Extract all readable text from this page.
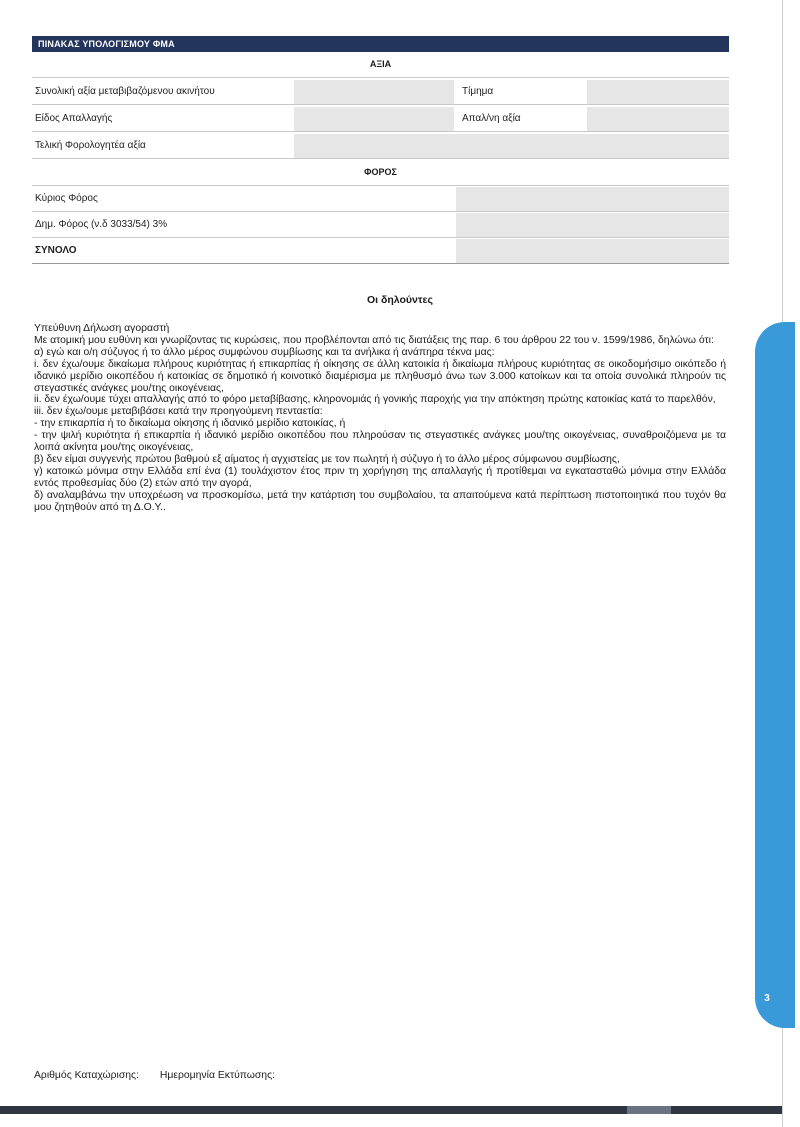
3
ΠΙΝΑΚΑΣ ΥΠΟΛΟΓΙΣΜΟΥ ΦΜΑ
ΑΞΙΑ
Συνολική αξία μεταβιβαζόμενου ακινήτου	Τίμημα
Είδος Απαλλαγής	Απαλ/νη αξία
Τελική Φορολογητέα αξία
ΦΟΡΟΣ
Κύριος Φόρος
Δημ. Φόρος (ν.δ 3033/54) 3%
ΣΥΝΟΛΟ
Οι δηλούντες

Υπεύθυνη Δήλωση αγοραστή

Με ατομική μου ευθύνη και γνωρίζοντας τις κυρώσεις, που προβλέπονται από τις διατάξεις της παρ. 6 του άρθρου 22 του ν. 1599/1986, δηλώνω ότι:

α) εγώ και ο/η σύζυγος ή το άλλο μέρος συμφώνου συμβίωσης και τα ανήλικα ή ανάπηρα τέκνα μας:

i. δεν έχω/ουμε δικαίωμα πλήρους κυριότητας ή επικαρπίας ή οίκησης σε άλλη κατοικία ή δικαίωμα πλήρους κυριότητας σε οικοδομήσιμο οικόπεδο ή ιδανικό μερίδιο οικοπέδου ή κατοικίας σε δημοτικό ή κοινοτικό διαμέρισμα με πληθυσμό άνω των 3.000 κατοίκων και τα οποία συνολικά πληρούν τις στεγαστικές ανάγκες μου/της οικογένειας,

ii. δεν έχω/ουμε τύχει απαλλαγής από το φόρο μεταβίβασης, κληρονομιάς ή γονικής παροχής για την απόκτηση πρώτης κατοικίας κατά το παρελθόν,

iii. δεν έχω/ουμε μεταβιβάσει κατά την προηγούμενη πενταετία:

- την επικαρπία ή το δικαίωμα οίκησης ή ιδανικό μερίδιο κατοικίας, ή

- την ψιλή κυριότητα ή επικαρπία ή ιδανικό μερίδιο οικοπέδου που πληρούσαν τις στεγαστικές ανάγκες μου/της οικογένειας, συναθροιζόμενα με τα λοιπά ακίνητα μου/της οικογένειας,

β) δεν είμαι συγγενής πρώτου βαθμού εξ αίματος ή αγχιστείας με τον πωλητή ή σύζυγο ή το άλλο μέρος σύμφωνου συμβίωσης,

γ) κατοικώ μόνιμα στην Ελλάδα επί ένα (1) τουλάχιστον έτος πριν τη χορήγηση της απαλλαγής ή προτίθεμαι να εγκατασταθώ μόνιμα στην Ελλάδα εντός προθεσμίας δύο (2) ετών από την αγορά,

δ) αναλαμβάνω την υποχρέωση να προσκομίσω, μετά την κατάρτιση του συμβολαίου, τα απαιτούμενα κατά περίπτωση πιστοποιητικά που τυχόν θα μου ζητηθούν από τη Δ.Ο.Υ..

Αριθμός Καταχώρισης: Ημερομηνία Εκτύπωσης:
